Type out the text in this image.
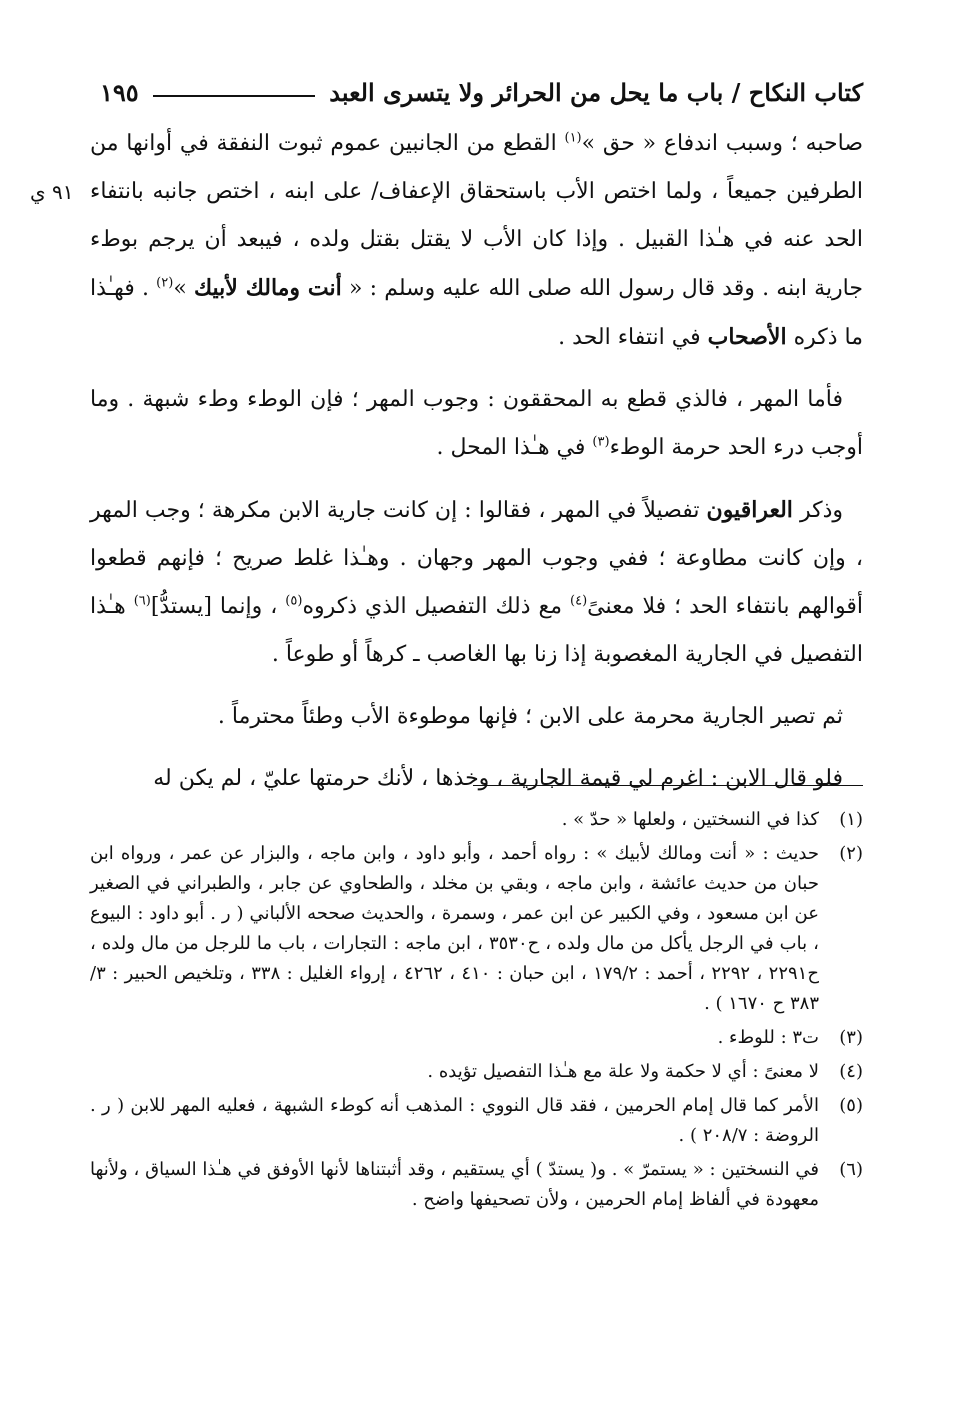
كتاب النكاح / باب ما يحل من الحرائر ولا يتسرى العبد
١٩٥
٩١ ي

صاحبه ؛ وسبب اندفاع « حق »$^{(١)}$ القطع من الجانبين عموم ثبوت النفقة في أوانها من الطرفين جميعاً ، ولما اختص الأب باستحقاق الإعفاف/ على ابنه ، اختص جانبه بانتفاء الحد عنه في هـٰذا القبيل . وإذا كان الأب لا يقتل بقتل ولده ، فيبعد أن يرجم بوطء جارية ابنه . وقد قال رسول الله صلى الله عليه وسلم : « أنت ومالك لأبيك »$^{(٢)}$ . فهـٰذا ما ذكره الأصحاب في انتفاء الحد .

فأما المهر ، فالذي قطع به المحققون : وجوب المهر ؛ فإن الوطء وطء شبهة . وما أوجب درء الحد حرمة الوطء$^{(٣)}$ في هـٰذا المحل .

وذكر العراقيون تفصيلاً في المهر ، فقالوا : إن كانت جارية الابن مكرهة ؛ وجب المهر ، وإن كانت مطاوعة ؛ ففي وجوب المهر وجهان . وهـٰذا غلط صريح ؛ فإنهم قطعوا أقوالهم بانتفاء الحد ؛ فلا معنىً$^{(٤)}$ مع ذلك التفصيل الذي ذكروه$^{(٥)}$ ، وإنما [يستدُّ]$^{(٦)}$ هـٰذا التفصيل في الجارية المغصوبة إذا زنا بها الغاصب ـ كرهاً أو طوعاً .

ثم تصير الجارية محرمة على الابن ؛ فإنها موطوءة الأب وطئاً محترماً .

فلو قال الابن : اغرم لي قيمة الجارية ، وخذها ، لأنك حرمتها عليّ ، لم يكن له

(١)
كذا في النسختين ، ولعلها « حدّ » .
(٢)
حديث : « أنت ومالك لأبيك » : رواه أحمد ، وأبو داود ، وابن ماجه ، والبزار عن عمر ، ورواه ابن حبان من حديث عائشة ، وابن ماجه ، وبقي بن مخلد ، والطحاوي عن جابر ، والطبراني في الصغير عن ابن مسعود ، وفي الكبير عن ابن عمر ، وسمرة ، والحديث صححه الألباني ( ر . أبو داود : البيوع ، باب في الرجل يأكل من مال ولده ، ح٣٥٣٠ ، ابن ماجه : التجارات ، باب ما للرجل من مال ولده ، ح٢٢٩١ ، ٢٢٩٢ ، أحمد : ١٧٩/٢ ، ابن حبان : ٤١٠ ، ٤٢٦٢ ، إرواء الغليل : ٣٣٨ ، وتلخيص الحبير : ٣/ ٣٨٣ ح ١٦٧٠ ) .
(٣)
ت٣ : للوطء .
(٤)
لا معنىً : أي لا حكمة ولا علة مع هـٰذا التفصيل تؤيده .
(٥)
الأمر كما قال إمام الحرمين ، فقد قال النووي : المذهب أنه كوطء الشبهة ، فعليه المهر للابن ( ر . الروضة : ٢٠٨/٧ ) .
(٦)
في النسختين : « يستمرّ » . و( يستدّ ) أي يستقيم ، وقد أثبتناها لأنها الأوفق في هـٰذا السياق ، ولأنها معهودة في ألفاظ إمام الحرمين ، ولأن تصحيفها واضح .
